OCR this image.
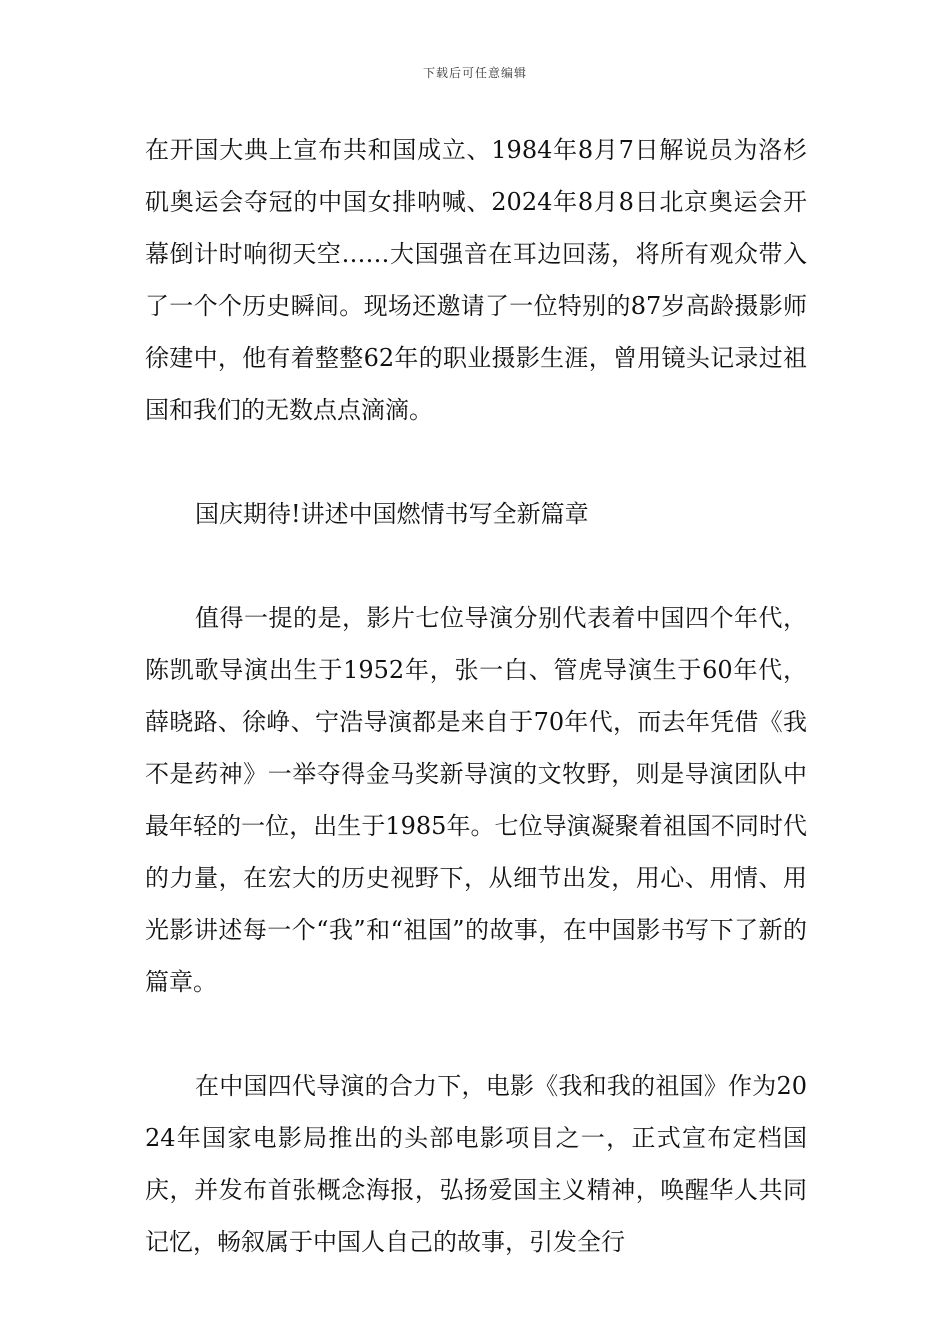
下载后可任意编辑

在开国大典上宣布共和国成立、1984年8月7日解说员为洛杉矶奥运会夺冠的中国女排呐喊、2024年8月8日北京奥运会开幕倒计时响彻天空……大国强音在耳边回荡，将所有观众带入了一个个历史瞬间。现场还邀请了一位特别的87岁高龄摄影师徐建中，他有着整整62年的职业摄影生涯，曾用镜头记录过祖国和我们的无数点点滴滴。

国庆期待!讲述中国燃情书写全新篇章

值得一提的是，影片七位导演分别代表着中国四个年代，陈凯歌导演出生于1952年，张一白、管虎导演生于60年代，薛晓路、徐峥、宁浩导演都是来自于70年代，而去年凭借《我不是药神》一举夺得金马奖新导演的文牧野，则是导演团队中最年轻的一位，出生于1985年。七位导演凝聚着祖国不同时代的力量，在宏大的历史视野下，从细节出发，用心、用情、用光影讲述每一个“我”和“祖国”的故事，在中国影书写下了新的篇章。

在中国四代导演的合力下，电影《我和我的祖国》作为2024年国家电影局推出的头部电影项目之一，正式宣布定档国庆，并发布首张概念海报，弘扬爱国主义精神，唤醒华人共同记忆，畅叙属于中国人自己的故事，引发全行
